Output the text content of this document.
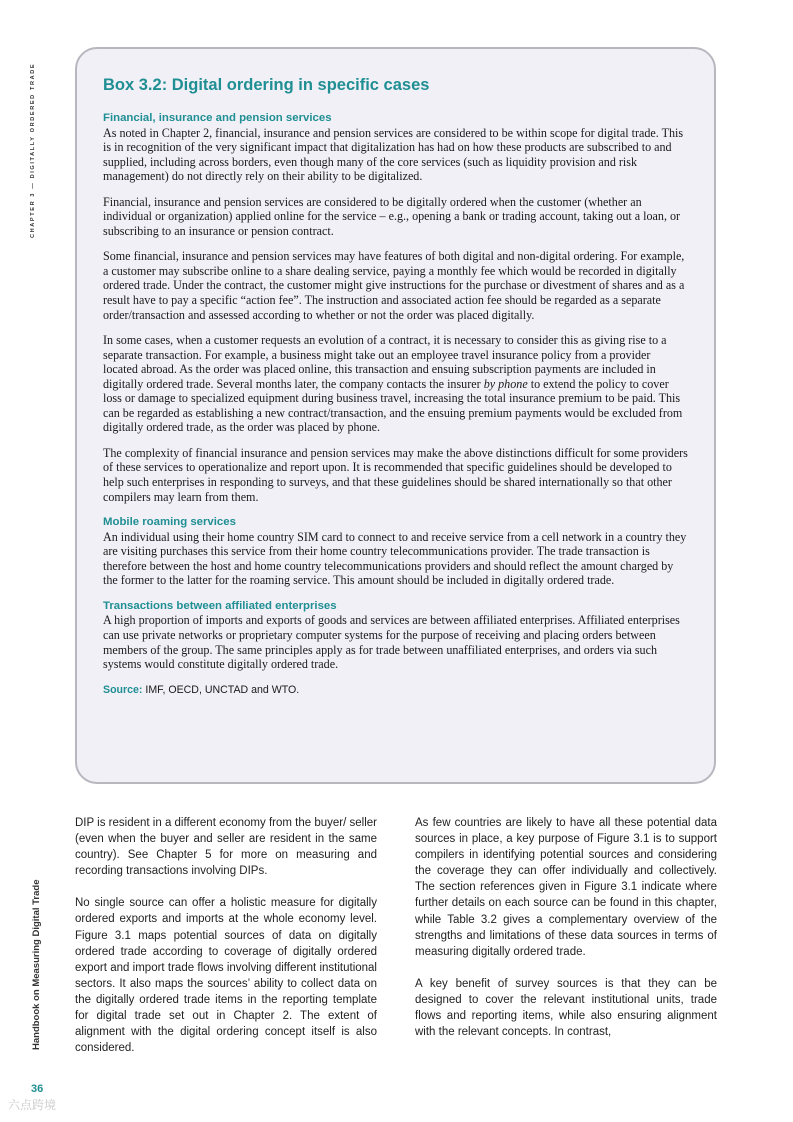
CHAPTER 3 — DIGITALLY ORDERED TRADE	Box 3.2: Digital ordering in specific cases
Financial, insurance and pension services

As noted in Chapter 2, financial, insurance and pension services are considered to be within scope for digital trade. This is in recognition of the very significant impact that digitalization has had on how these products are subscribed to and supplied, including across borders, even though many of the core services (such as liquidity provision and risk management) do not directly rely on their ability to be digitalized.

Financial, insurance and pension services are considered to be digitally ordered when the customer (whether an individual or organization) applied online for the service – e.g., opening a bank or trading account, taking out a loan, or subscribing to an insurance or pension contract.

Some financial, insurance and pension services may have features of both digital and non-digital ordering. For example, a customer may subscribe online to a share dealing service, paying a monthly fee which would be recorded in digitally ordered trade. Under the contract, the customer might give instructions for the purchase or divestment of shares and as a result have to pay a specific “action fee”. The instruction and associated action fee should be regarded as a separate order/transaction and assessed according to whether or not the order was placed digitally.

In some cases, when a customer requests an evolution of a contract, it is necessary to consider this as giving rise to a separate transaction. For example, a business might take out an employee travel insurance policy from a provider located abroad. As the order was placed online, this transaction and ensuing subscription payments are included in digitally ordered trade. Several months later, the company contacts the insurer by phone to extend the policy to cover loss or damage to specialized equipment during business travel, increasing the total insurance premium to be paid. This can be regarded as establishing a new contract/transaction, and the ensuing premium payments would be excluded from digitally ordered trade, as the order was placed by phone.

The complexity of financial insurance and pension services may make the above distinctions difficult for some providers of these services to operationalize and report upon. It is recommended that specific guidelines should be developed to help such enterprises in responding to surveys, and that these guidelines should be shared internationally so that other compilers may learn from them.

Mobile roaming services

An individual using their home country SIM card to connect to and receive service from a cell network in a country they are visiting purchases this service from their home country telecommunications provider. The trade transaction is therefore between the host and home country telecommunications providers and should reflect the amount charged by the former to the latter for the roaming service. This amount should be included in digitally ordered trade.

Transactions between affiliated enterprises

A high proportion of imports and exports of goods and services are between affiliated enterprises. Affiliated enterprises can use private networks or proprietary computer systems for the purpose of receiving and placing orders between members of the group. The same principles apply as for trade between unaffiliated enterprises, and orders via such systems would constitute digitally ordered trade.

Source: IMF, OECD, UNCTAD and WTO.

DIP is resident in a different economy from the buyer/ seller (even when the buyer and seller are resident in the same country). See Chapter 5 for more on measuring and recording transactions involving DIPs.

No single source can offer a holistic measure for digitally ordered exports and imports at the whole economy level. Figure 3.1 maps potential sources of data on digitally ordered trade according to coverage of digitally ordered export and import trade flows involving different institutional sectors. It also maps the sources’ ability to collect data on the digitally ordered trade items in the reporting template for digital trade set out in Chapter 2. The extent of alignment with the digital ordering concept itself is also considered.

As few countries are likely to have all these potential data sources in place, a key purpose of Figure 3.1 is to support compilers in identifying potential sources and considering the coverage they can offer individually and collectively. The section references given in Figure 3.1 indicate where further details on each source can be found in this chapter, while Table 3.2 gives a complementary overview of the strengths and limitations of these data sources in terms of measuring digitally ordered trade.

A key benefit of survey sources is that they can be designed to cover the relevant institutional units, trade flows and reporting items, while also ensuring alignment with the relevant concepts. In contrast,

Handbook on Measuring Digital Trade
36
六点跨境
